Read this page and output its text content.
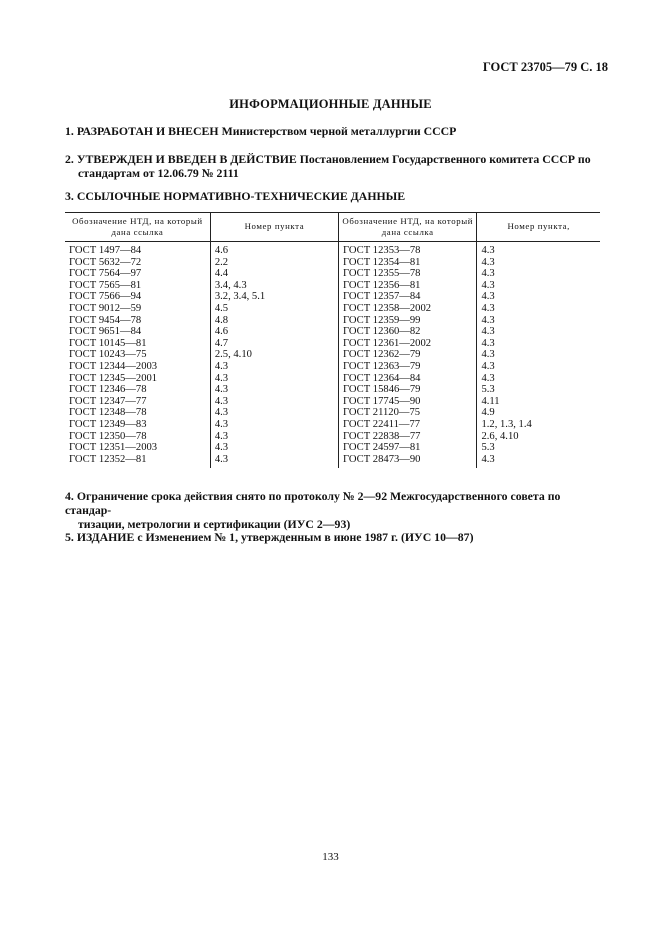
ГОСТ 23705—79 С. 18
ИНФОРМАЦИОННЫЕ ДАННЫЕ
1. РАЗРАБОТАН И ВНЕСЕН Министерством черной металлургии СССР
2. УТВЕРЖДЕН И ВВЕДЕН В ДЕЙСТВИЕ Постановлением Государственного комитета СССР по
стандартам от 12.06.79 № 2111
3. ССЫЛОЧНЫЕ НОРМАТИВНО-ТЕХНИЧЕСКИЕ ДАННЫЕ
Обозначение НТД, на который дана ссылка	Номер пункта	Обозначение НТД, на который дана ссылка	Номер пункта,
ГОСТ 1497—84	4.6	ГОСТ 12353—78	4.3
ГОСТ 5632—72	2.2	ГОСТ 12354—81	4.3
ГОСТ 7564—97	4.4	ГОСТ 12355—78	4.3
ГОСТ 7565—81	3.4, 4.3	ГОСТ 12356—81	4.3
ГОСТ 7566—94	3.2, 3.4, 5.1	ГОСТ 12357—84	4.3
ГОСТ 9012—59	4.5	ГОСТ 12358—2002	4.3
ГОСТ 9454—78	4.8	ГОСТ 12359—99	4.3
ГОСТ 9651—84	4.6	ГОСТ 12360—82	4.3
ГОСТ 10145—81	4.7	ГОСТ 12361—2002	4.3
ГОСТ 10243—75	2.5, 4.10	ГОСТ 12362—79	4.3
ГОСТ 12344—2003	4.3	ГОСТ 12363—79	4.3
ГОСТ 12345—2001	4.3	ГОСТ 12364—84	4.3
ГОСТ 12346—78	4.3	ГОСТ 15846—79	5.3
ГОСТ 12347—77	4.3	ГОСТ 17745—90	4.11
ГОСТ 12348—78	4.3	ГОСТ 21120—75	4.9
ГОСТ 12349—83	4.3	ГОСТ 22411—77	1.2, 1.3, 1.4
ГОСТ 12350—78	4.3	ГОСТ 22838—77	2.6, 4.10
ГОСТ 12351—2003	4.3	ГОСТ 24597—81	5.3
ГОСТ 12352—81	4.3	ГОСТ 28473—90	4.3
4. Ограничение срока действия снято по протоколу № 2—92 Межгосударственного совета по стандар-
тизации, метрологии и сертификации (ИУС 2—93)
5. ИЗДАНИЕ с Изменением № 1, утвержденным в июне 1987 г. (ИУС 10—87)
133
